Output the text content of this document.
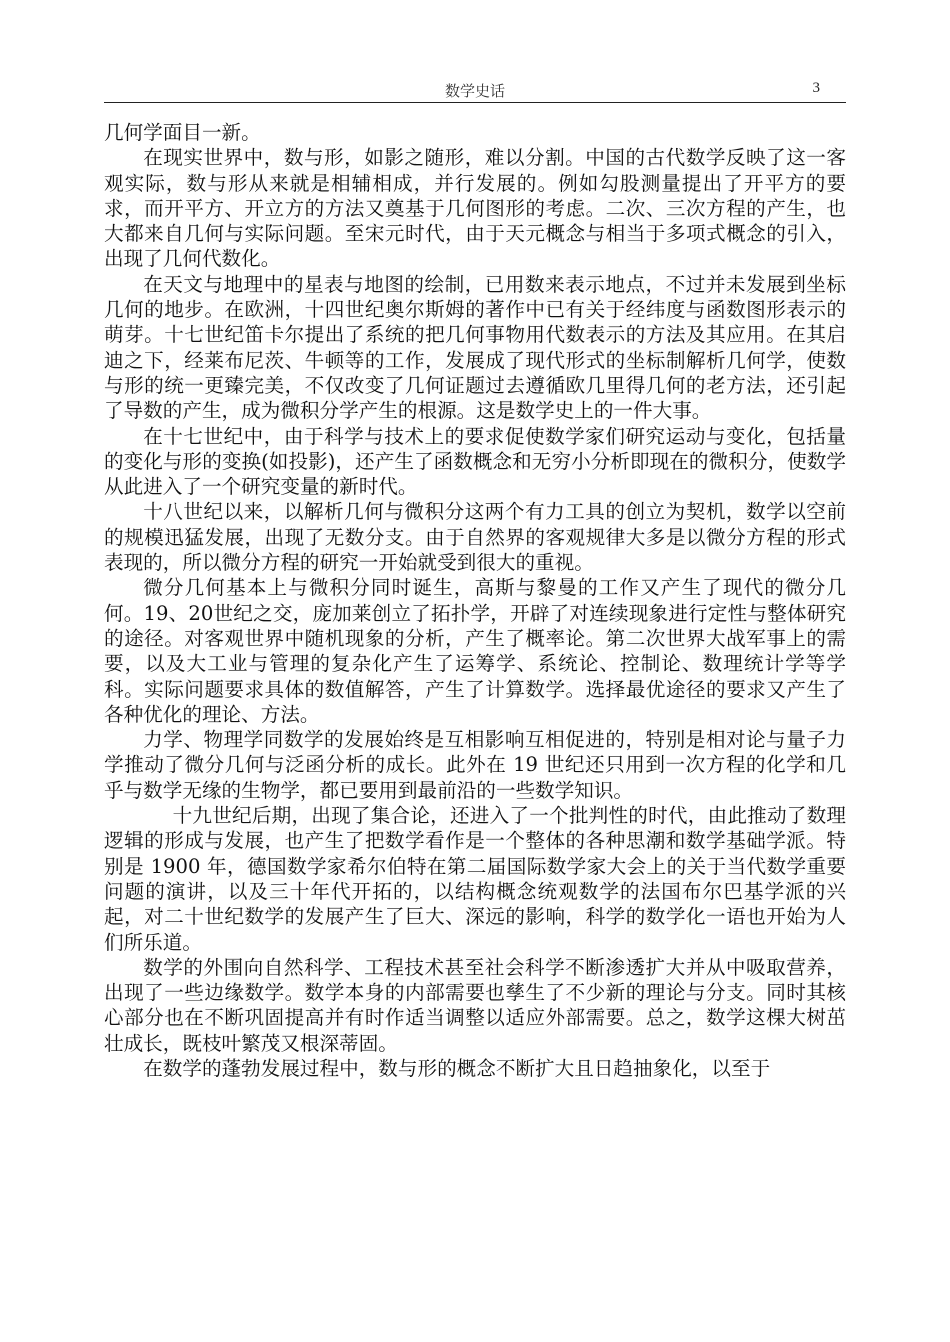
数学史话	3

几何学面目一新。

在现实世界中，数与形，如影之随形，难以分割。中国的古代数学反映了这一客观实际，数与形从来就是相辅相成，并行发展的。例如勾股测量提出了开平方的要求，而开平方、开立方的方法又奠基于几何图形的考虑。二次、三次方程的产生，也大都来自几何与实际问题。至宋元时代，由于天元概念与相当于多项式概念的引入，出现了几何代数化。

在天文与地理中的星表与地图的绘制，已用数来表示地点，不过并未发展到坐标几何的地步。在欧洲，十四世纪奥尔斯姆的著作中已有关于经纬度与函数图形表示的萌芽。十七世纪笛卡尔提出了系统的把几何事物用代数表示的方法及其应用。在其启迪之下，经莱布尼茨、牛顿等的工作，发展成了现代形式的坐标制解析几何学，使数与形的统一更臻完美，不仅改变了几何证题过去遵循欧几里得几何的老方法，还引起了导数的产生，成为微积分学产生的根源。这是数学史上的一件大事。

在十七世纪中，由于科学与技术上的要求促使数学家们研究运动与变化，包括量的变化与形的变换(如投影)，还产生了函数概念和无穷小分析即现在的微积分，使数学从此进入了一个研究变量的新时代。

十八世纪以来，以解析几何与微积分这两个有力工具的创立为契机，数学以空前的规模迅猛发展，出现了无数分支。由于自然界的客观规律大多是以微分方程的形式表现的，所以微分方程的研究一开始就受到很大的重视。

微分几何基本上与微积分同时诞生，高斯与黎曼的工作又产生了现代的微分几何。19、20世纪之交，庞加莱创立了拓扑学，开辟了对连续现象进行定性与整体研究的途径。对客观世界中随机现象的分析，产生了概率论。第二次世界大战军事上的需要，以及大工业与管理的复杂化产生了运筹学、系统论、控制论、数理统计学等学科。实际问题要求具体的数值解答，产生了计算数学。选择最优途径的要求又产生了各种优化的理论、方法。

力学、物理学同数学的发展始终是互相影响互相促进的，特别是相对论与量子力学推动了微分几何与泛函分析的成长。此外在 19 世纪还只用到一次方程的化学和几乎与数学无缘的生物学，都已要用到最前沿的一些数学知识。

十九世纪后期，出现了集合论，还进入了一个批判性的时代，由此推动了数理逻辑的形成与发展，也产生了把数学看作是一个整体的各种思潮和数学基础学派。特别是 1900 年，德国数学家希尔伯特在第二届国际数学家大会上的关于当代数学重要问题的演讲，以及三十年代开拓的，以结构概念统观数学的法国布尔巴基学派的兴起，对二十世纪数学的发展产生了巨大、深远的影响，科学的数学化一语也开始为人们所乐道。

数学的外围向自然科学、工程技术甚至社会科学不断渗透扩大并从中吸取营养，出现了一些边缘数学。数学本身的内部需要也孳生了不少新的理论与分支。同时其核心部分也在不断巩固提高并有时作适当调整以适应外部需要。总之，数学这棵大树茁壮成长，既枝叶繁茂又根深蒂固。

在数学的蓬勃发展过程中，数与形的概念不断扩大且日趋抽象化，以至于
